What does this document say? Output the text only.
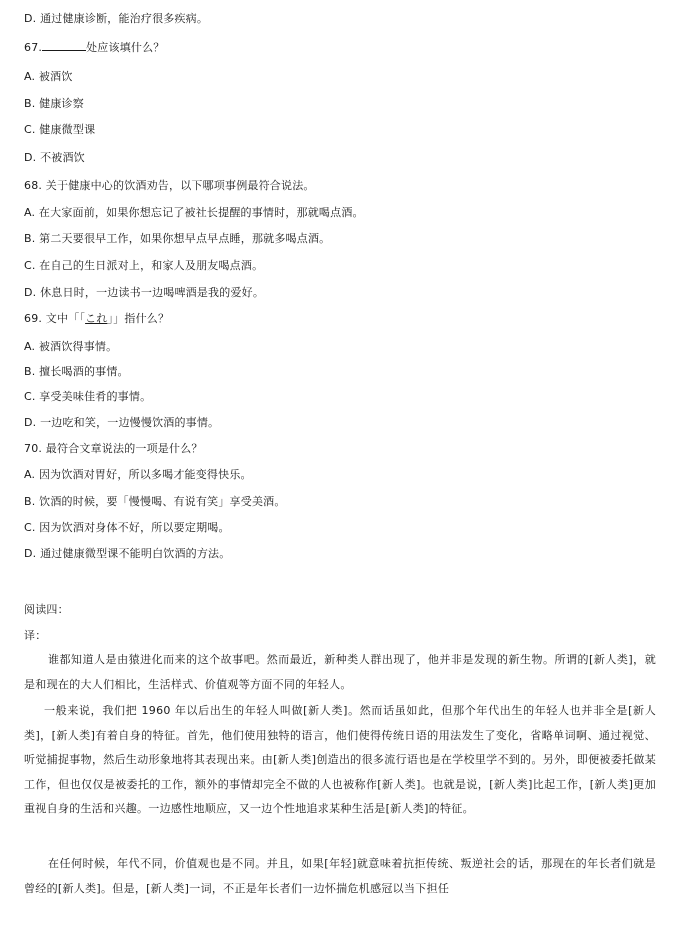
D. 通过健康诊断，能治疗很多疾病。
67.	处应该填什么？
A. 被酒饮
B. 健康诊察
C. 健康微型课
D. 不被酒饮
68. 关于健康中心的饮酒劝告，以下哪项事例最符合说法。
A. 在大家面前，如果你想忘记了被社长提醒的事情时，那就喝点酒。
B. 第二天要很早工作，如果你想早点早点睡，那就多喝点酒。
C. 在自己的生日派对上，和家人及朋友喝点酒。
D. 休息日时，一边读书一边喝啤酒是我的爱好。
69. 文中「「これ」」指什么？
A. 被酒饮得事情。
B. 擅长喝酒的事情。
C. 享受美味佳肴的事情。
D. 一边吃和笑，一边慢慢饮酒的事情。
70. 最符合文章说法的一项是什么？
A. 因为饮酒对胃好，所以多喝才能变得快乐。
B. 饮酒的时候，要「慢慢喝、有说有笑」享受美酒。
C. 因为饮酒对身体不好，所以要定期喝。
D. 通过健康微型课不能明白饮酒的方法。
阅读四：
译：
谁都知道人是由猿进化而来的这个故事吧。然而最近，新种类人群出现了，他并非是发现的新生物。所谓的[新人类]，就是和现在的大人们相比，生活样式、价值观等方面不同的年轻人。
一般来说，我们把 1960 年以后出生的年轻人叫做[新人类]。然而话虽如此，但那个年代出生的年轻人也并非全是[新人类]，[新人类]有着自身的特征。首先，他们使用独特的语言，他们使得传统日语的用法发生了变化，省略单词啊、通过视觉、听觉捕捉事物，然后生动形象地将其表现出来。由[新人类]创造出的很多流行语也是在学校里学不到的。另外，即便被委托做某工作，但也仅仅是被委托的工作，额外的事情却完全不做的人也被称作[新人类]。也就是说，[新人类]比起工作，[新人类]更加重视自身的生活和兴趣。一边感性地顺应，又一边个性地追求某种生活是[新人类]的特征。
在任何时候，年代不同，价值观也是不同。并且，如果[年轻]就意味着抗拒传统、叛逆社会的话，那现在的年长者们就是曾经的[新人类]。但是，[新人类]一词，不正是年长者们一边怀揣危机感冠以当下担任
